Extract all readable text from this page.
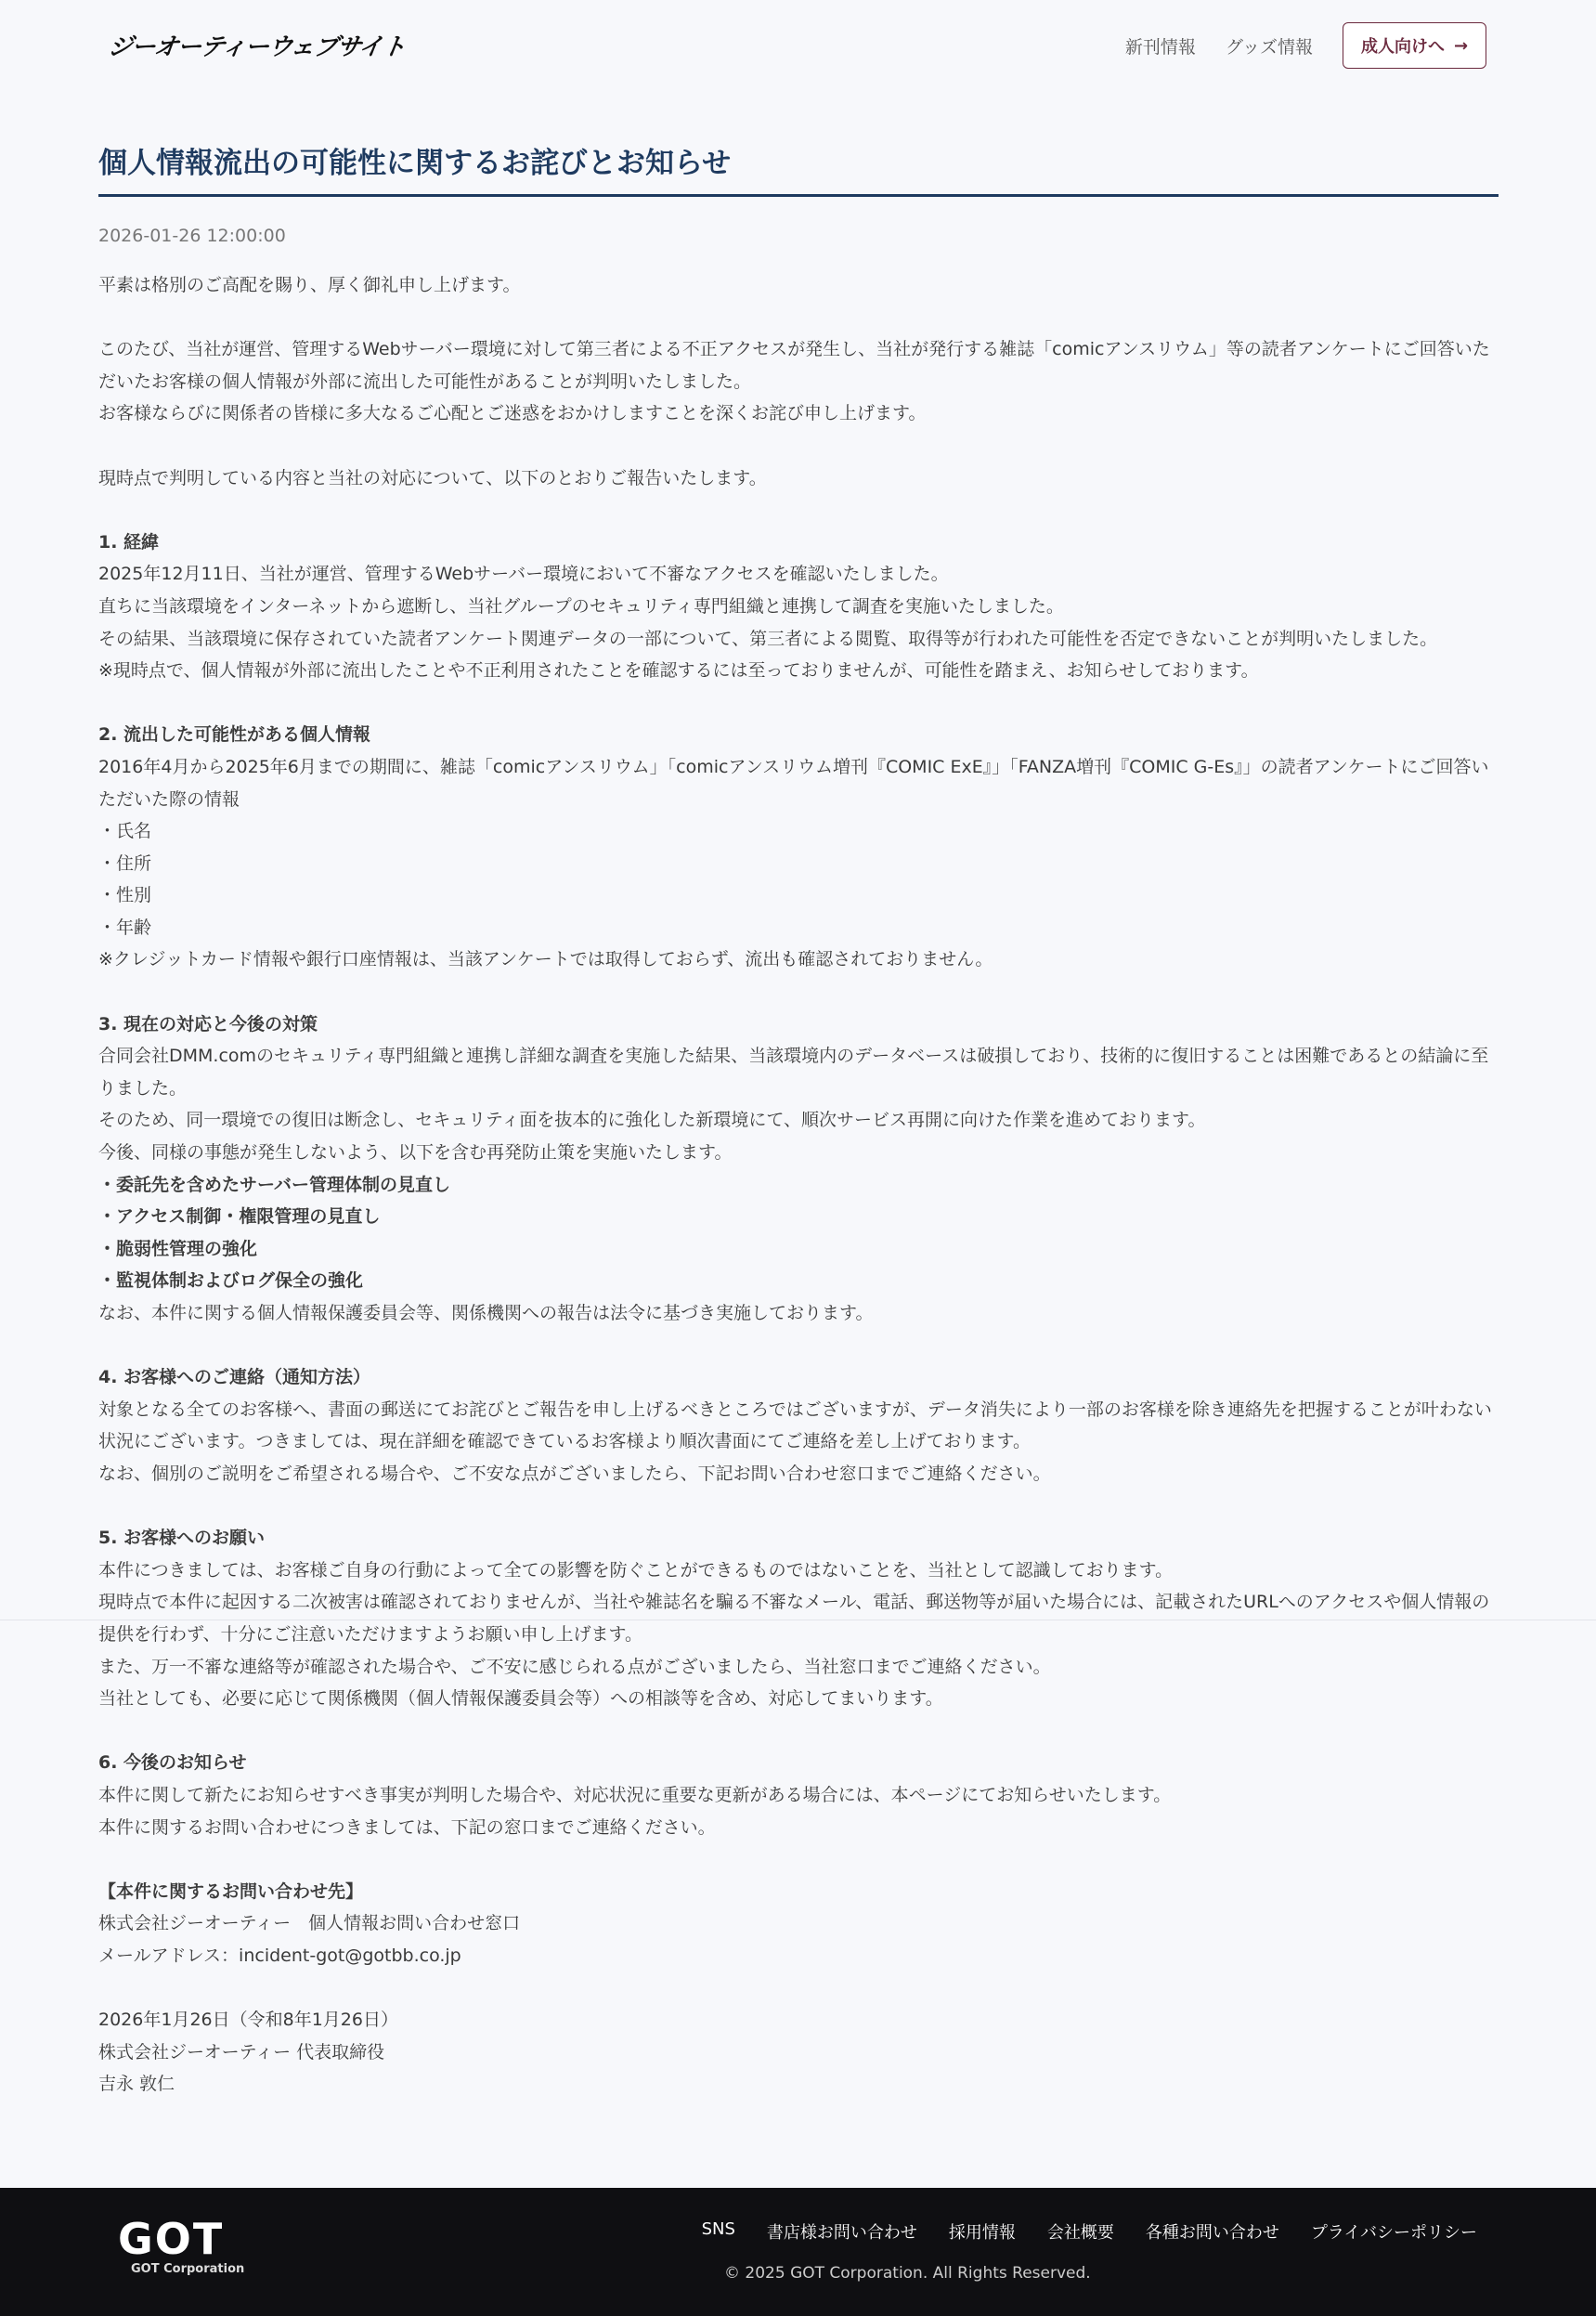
ジーオーティーウェブサイト	新刊情報 グッズ情報	成人向けへ →
個人情報流出の可能性に関するお詫びとお知らせ
2026-01-26 12:00:00

平素は格別のご高配を賜り、厚く御礼申し上げます。

このたび、当社が運営、管理するWebサーバー環境に対して第三者による不正アクセスが発生し、当社が発行する雑誌「comicアンスリウム」等の読者アンケートにご回答いただいたお客様の個人情報が外部に流出した可能性があることが判明いたしました。

お客様ならびに関係者の皆様に多大なるご心配とご迷惑をおかけしますことを深くお詫び申し上げます。

現時点で判明している内容と当社の対応について、以下のとおりご報告いたします。

1. 経緯

2025年12月11日、当社が運営、管理するWebサーバー環境において不審なアクセスを確認いたしました。

直ちに当該環境をインターネットから遮断し、当社グループのセキュリティ専門組織と連携して調査を実施いたしました。

その結果、当該環境に保存されていた読者アンケート関連データの一部について、第三者による閲覧、取得等が行われた可能性を否定できないことが判明いたしました。

※現時点で、個人情報が外部に流出したことや不正利用されたことを確認するには至っておりませんが、可能性を踏まえ、お知らせしております。

2. 流出した可能性がある個人情報

2016年4月から2025年6月までの期間に、雑誌「comicアンスリウム」「comicアンスリウム増刊『COMIC ExE』」「FANZA増刊『COMIC G-Es』」の読者アンケートにご回答いただいた際の情報

・氏名

・住所

・性別

・年齢

※クレジットカード情報や銀行口座情報は、当該アンケートでは取得しておらず、流出も確認されておりません。

3. 現在の対応と今後の対策

合同会社DMM.comのセキュリティ専門組織と連携し詳細な調査を実施した結果、当該環境内のデータベースは破損しており、技術的に復旧することは困難であるとの結論に至りました。

そのため、同一環境での復旧は断念し、セキュリティ面を抜本的に強化した新環境にて、順次サービス再開に向けた作業を進めております。

今後、同様の事態が発生しないよう、以下を含む再発防止策を実施いたします。

・委託先を含めたサーバー管理体制の見直し

・アクセス制御・権限管理の見直し

・脆弱性管理の強化

・監視体制およびログ保全の強化

なお、本件に関する個人情報保護委員会等、関係機関への報告は法令に基づき実施しております。

4. お客様へのご連絡（通知方法）

対象となる全てのお客様へ、書面の郵送にてお詫びとご報告を申し上げるべきところではございますが、データ消失により一部のお客様を除き連絡先を把握することが叶わない状況にございます。つきましては、現在詳細を確認できているお客様より順次書面にてご連絡を差し上げております。

なお、個別のご説明をご希望される場合や、ご不安な点がございましたら、下記お問い合わせ窓口までご連絡ください。

5. お客様へのお願い

本件につきましては、お客様ご自身の行動によって全ての影響を防ぐことができるものではないことを、当社として認識しております。

現時点で本件に起因する二次被害は確認されておりませんが、当社や雑誌名を騙る不審なメール、電話、郵送物等が届いた場合には、記載されたURLへのアクセスや個人情報の提供を行わず、十分にご注意いただけますようお願い申し上げます。

また、万一不審な連絡等が確認された場合や、ご不安に感じられる点がございましたら、当社窓口までご連絡ください。

当社としても、必要に応じて関係機関（個人情報保護委員会等）への相談等を含め、対応してまいります。

6. 今後のお知らせ

本件に関して新たにお知らせすべき事実が判明した場合や、対応状況に重要な更新がある場合には、本ページにてお知らせいたします。

本件に関するお問い合わせにつきましては、下記の窓口までご連絡ください。

【本件に関するお問い合わせ先】

株式会社ジーオーティー　個人情報お問い合わせ窓口

メールアドレス：incident-got@gotbb.co.jp

2026年1月26日（令和8年1月26日）

株式会社ジーオーティー 代表取締役

吉永 敦仁

GOT
GOT Corporation
SNS 書店様お問い合わせ 採用情報 会社概要 各種お問い合わせ プライバシーポリシー
© 2025 GOT Corporation. All Rights Reserved.
